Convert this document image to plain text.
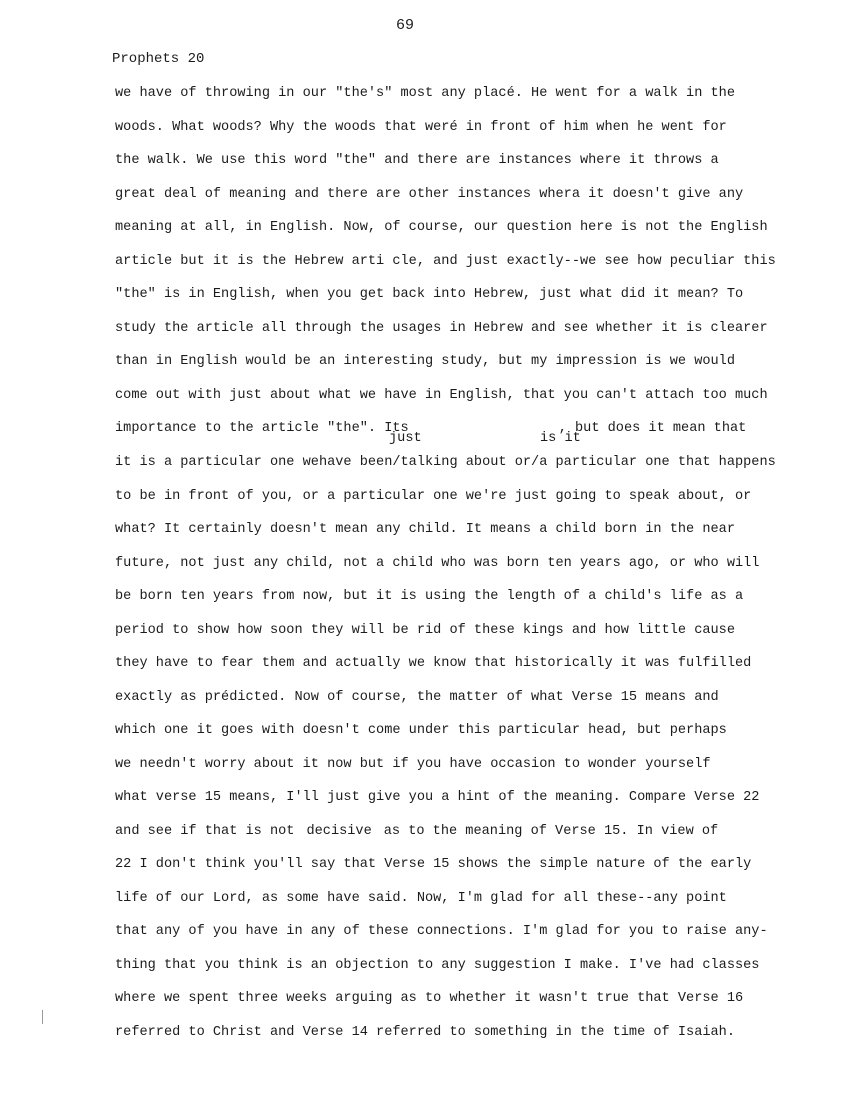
69
Prophets 20
we have of throwing in our "the's" most any placé. He went for a walk in the
woods. What woods? Why the woods that weré in front of him when he went for
the walk. We use this word "the" and there are instances where it throws a
great deal of meaning and there are other instances whera it doesn't give any
meaning at all, in English. Now, of course, our question here is not the English
article but it is the Hebrew arti cle, and just exactly--we see how peculiar this
"the" is in English, when you get back into Hebrew, just what did it mean? To
study the article all through the usages in Hebrew and see whether it is clearer
than in English would be an interesting study, but my impression is we would
come out with just about what we have in English, that you can't attach too much
importance to the article "the". Its	, but does it mean that
just	is it
it is a particular one wehave been/talking about or/a particular one that happens
to be in front of you, or a particular one we're just going to speak about, or
what? It certainly doesn't mean any child. It means a child born in the near
future, not just any child, not a child who was born ten years ago, or who will
be born ten years from now, but it is using the length of a child's life as a
period to show how soon they will be rid of these kings and how little cause
they have to fear them and actually we know that historically it was fulfilled
exactly as prédicted. Now of course, the matter of what Verse 15 means and
which one it goes with doesn't come under this particular head, but perhaps
we needn't worry about it now but if you have occasion to wonder yourself
what verse 15 means, I'll just give you a hint of the meaning. Compare Verse 22
and see if that is not decisive as to the meaning of Verse 15. In view of
22 I don't think you'll say that Verse 15 shows the simple nature of the early
life of our Lord, as some have said. Now, I'm glad for all these--any point
that any of you have in any of these connections. I'm glad for you to raise any-
thing that you think is an objection to any suggestion I make. I've had classes
where we spent three weeks arguing as to whether it wasn't true that Verse 16
referred to Christ and Verse 14 referred to something in the time of Isaiah.
